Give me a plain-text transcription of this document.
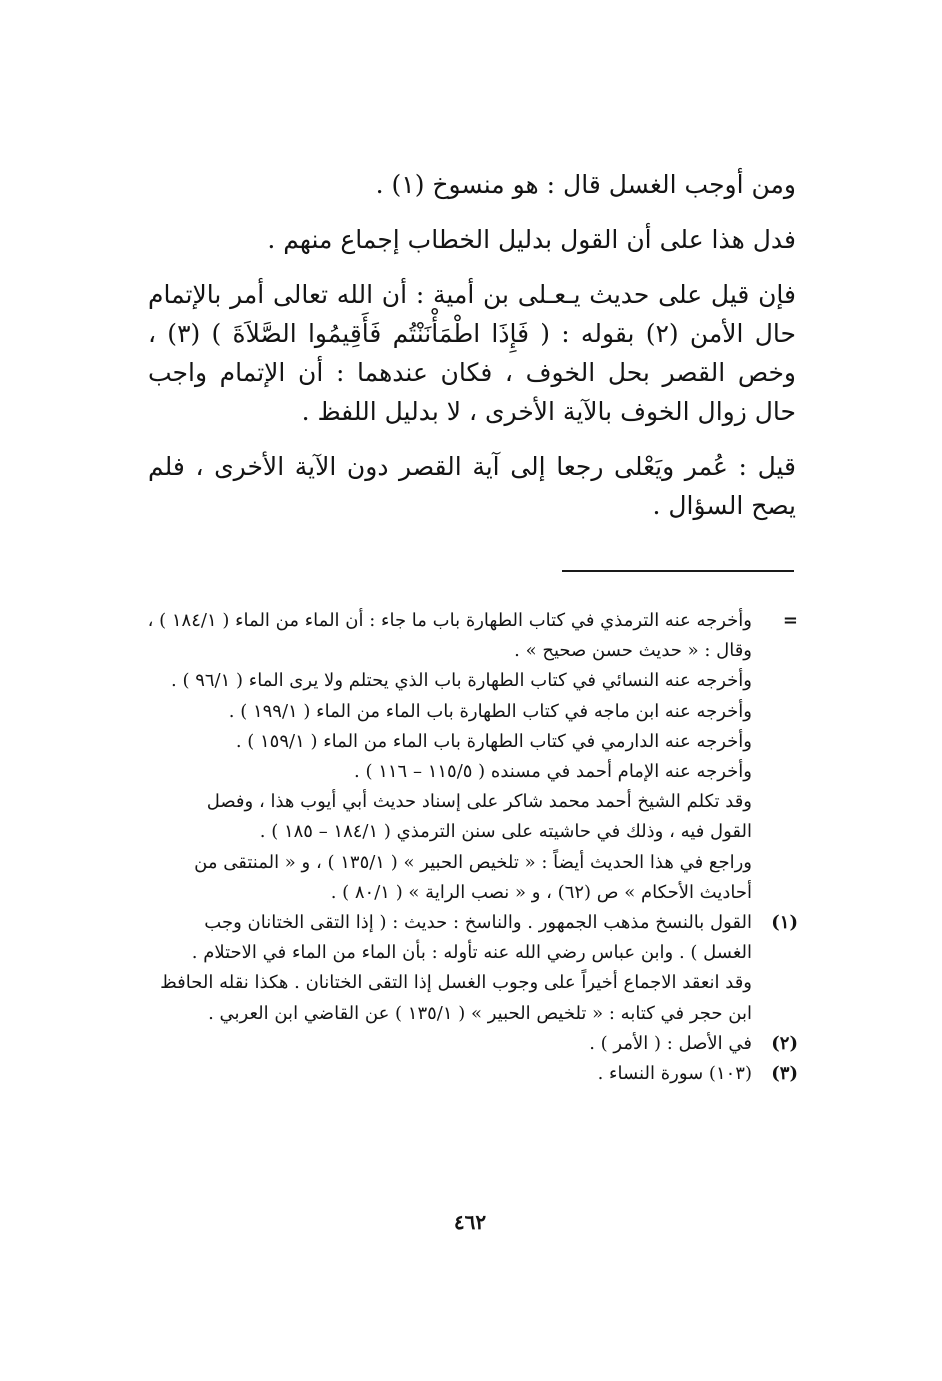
ومن أوجب الغسل قال : هو منسوخ (١) .

فدل هذا على أن القول بدليل الخطاب إجماع منهم .

فإن قيل على حديث يـعـلى بن أمية : أن الله تعالى أمر بالإتمام حال الأمن (٢) بقوله : ( فَإِذَا اطْمَأْنَنْتُم فَأَقِيمُوا الصَّلاَةَ ) (٣) ، وخص القصر بحل الخوف ، فكان عندهما : أن الإتمام واجب حال زوال الخوف بالآية الأخرى ، لا بدليل اللفظ .

قيل : عُمر ويَعْلى رجعا إلى آية القصر دون الآية الأخرى ، فلم يصح السؤال .

=
وأخرجه عنه الترمذي في كتاب الطهارة باب ما جاء : أن الماء من الماء ( ١٨٤/١ ) ،
وقال : « حديث حسن صحيح » .
وأخرجه عنه النسائي في كتاب الطهارة باب الذي يحتلم ولا يرى الماء ( ٩٦/١ ) .
وأخرجه عنه ابن ماجه في كتاب الطهارة باب الماء من الماء ( ١٩٩/١ ) .
وأخرجه عنه الدارمي في كتاب الطهارة باب الماء من الماء ( ١٥٩/١ ) .
وأخرجه عنه الإمام أحمد في مسنده ( ١١٥/٥ – ١١٦ ) .
وقد تكلم الشيخ أحمد محمد شاكر على إسناد حديث أبي أيوب هذا ، وفصل
القول فيه ، وذلك في حاشيته على سنن الترمذي ( ١٨٤/١ – ١٨٥ ) .
وراجع في هذا الحديث أيضاً : « تلخيص الحبير » ( ١٣٥/١ ) ، و « المنتقى من
أحاديث الأحكام » ص (٦٢) ، و « نصب الراية » ( ٨٠/١ ) .
(١)
القول بالنسخ مذهب الجمهور . والناسخ : حديث : ( إذا التقى الختانان وجب
الغسل ) . وابن عباس رضي الله عنه تأوله : بأن الماء من الماء في الاحتلام .
وقد انعقد الاجماع أخيراً على وجوب الغسل إذا التقى الختانان . هكذا نقله الحافظ
ابن حجر في كتابه : « تلخيص الحبير » ( ١٣٥/١ ) عن القاضي ابن العربي .
(٢)
في الأصل : ( الأمر ) .
(٣)
(١٠٣) سورة النساء .
٤٦٢
